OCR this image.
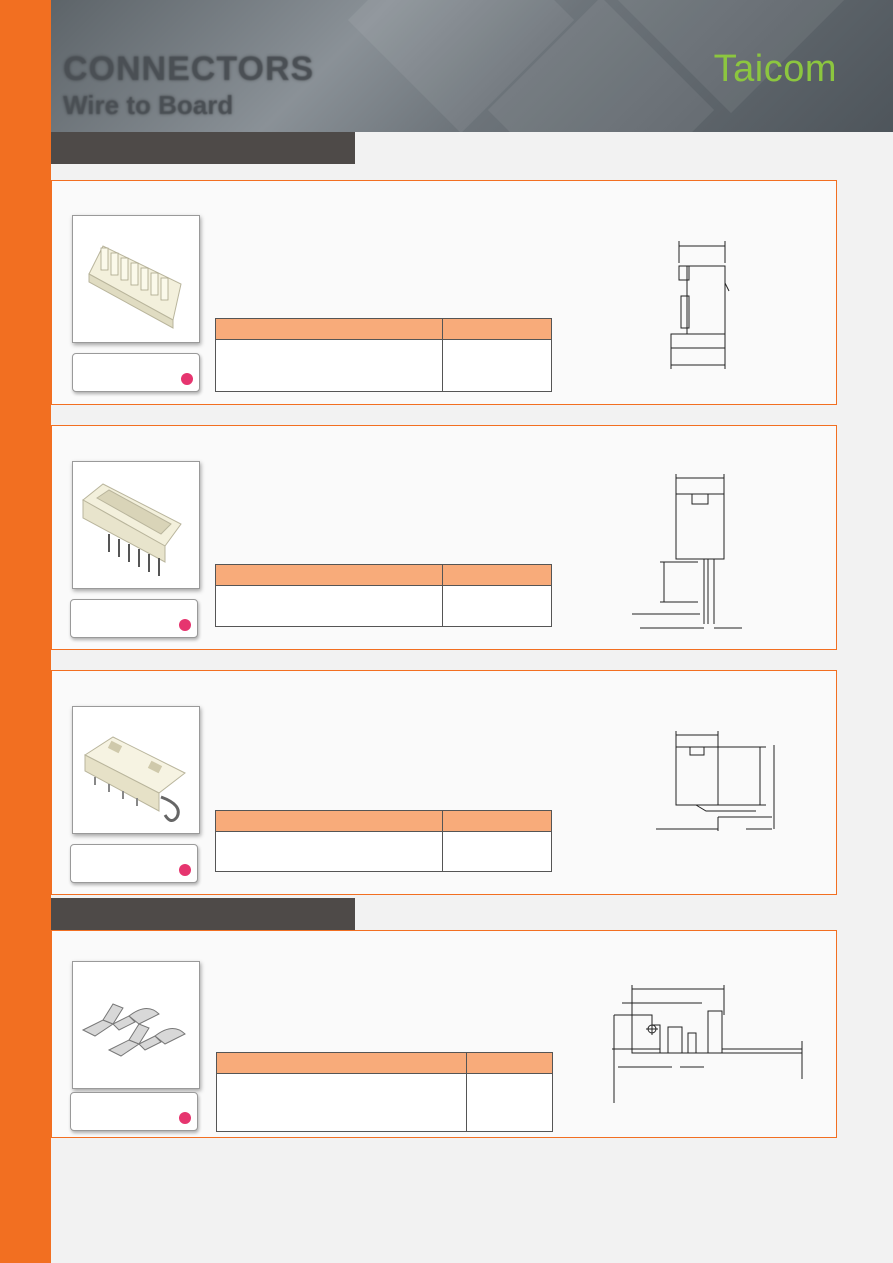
CONNECTORS
Wire to Board
Taicom
